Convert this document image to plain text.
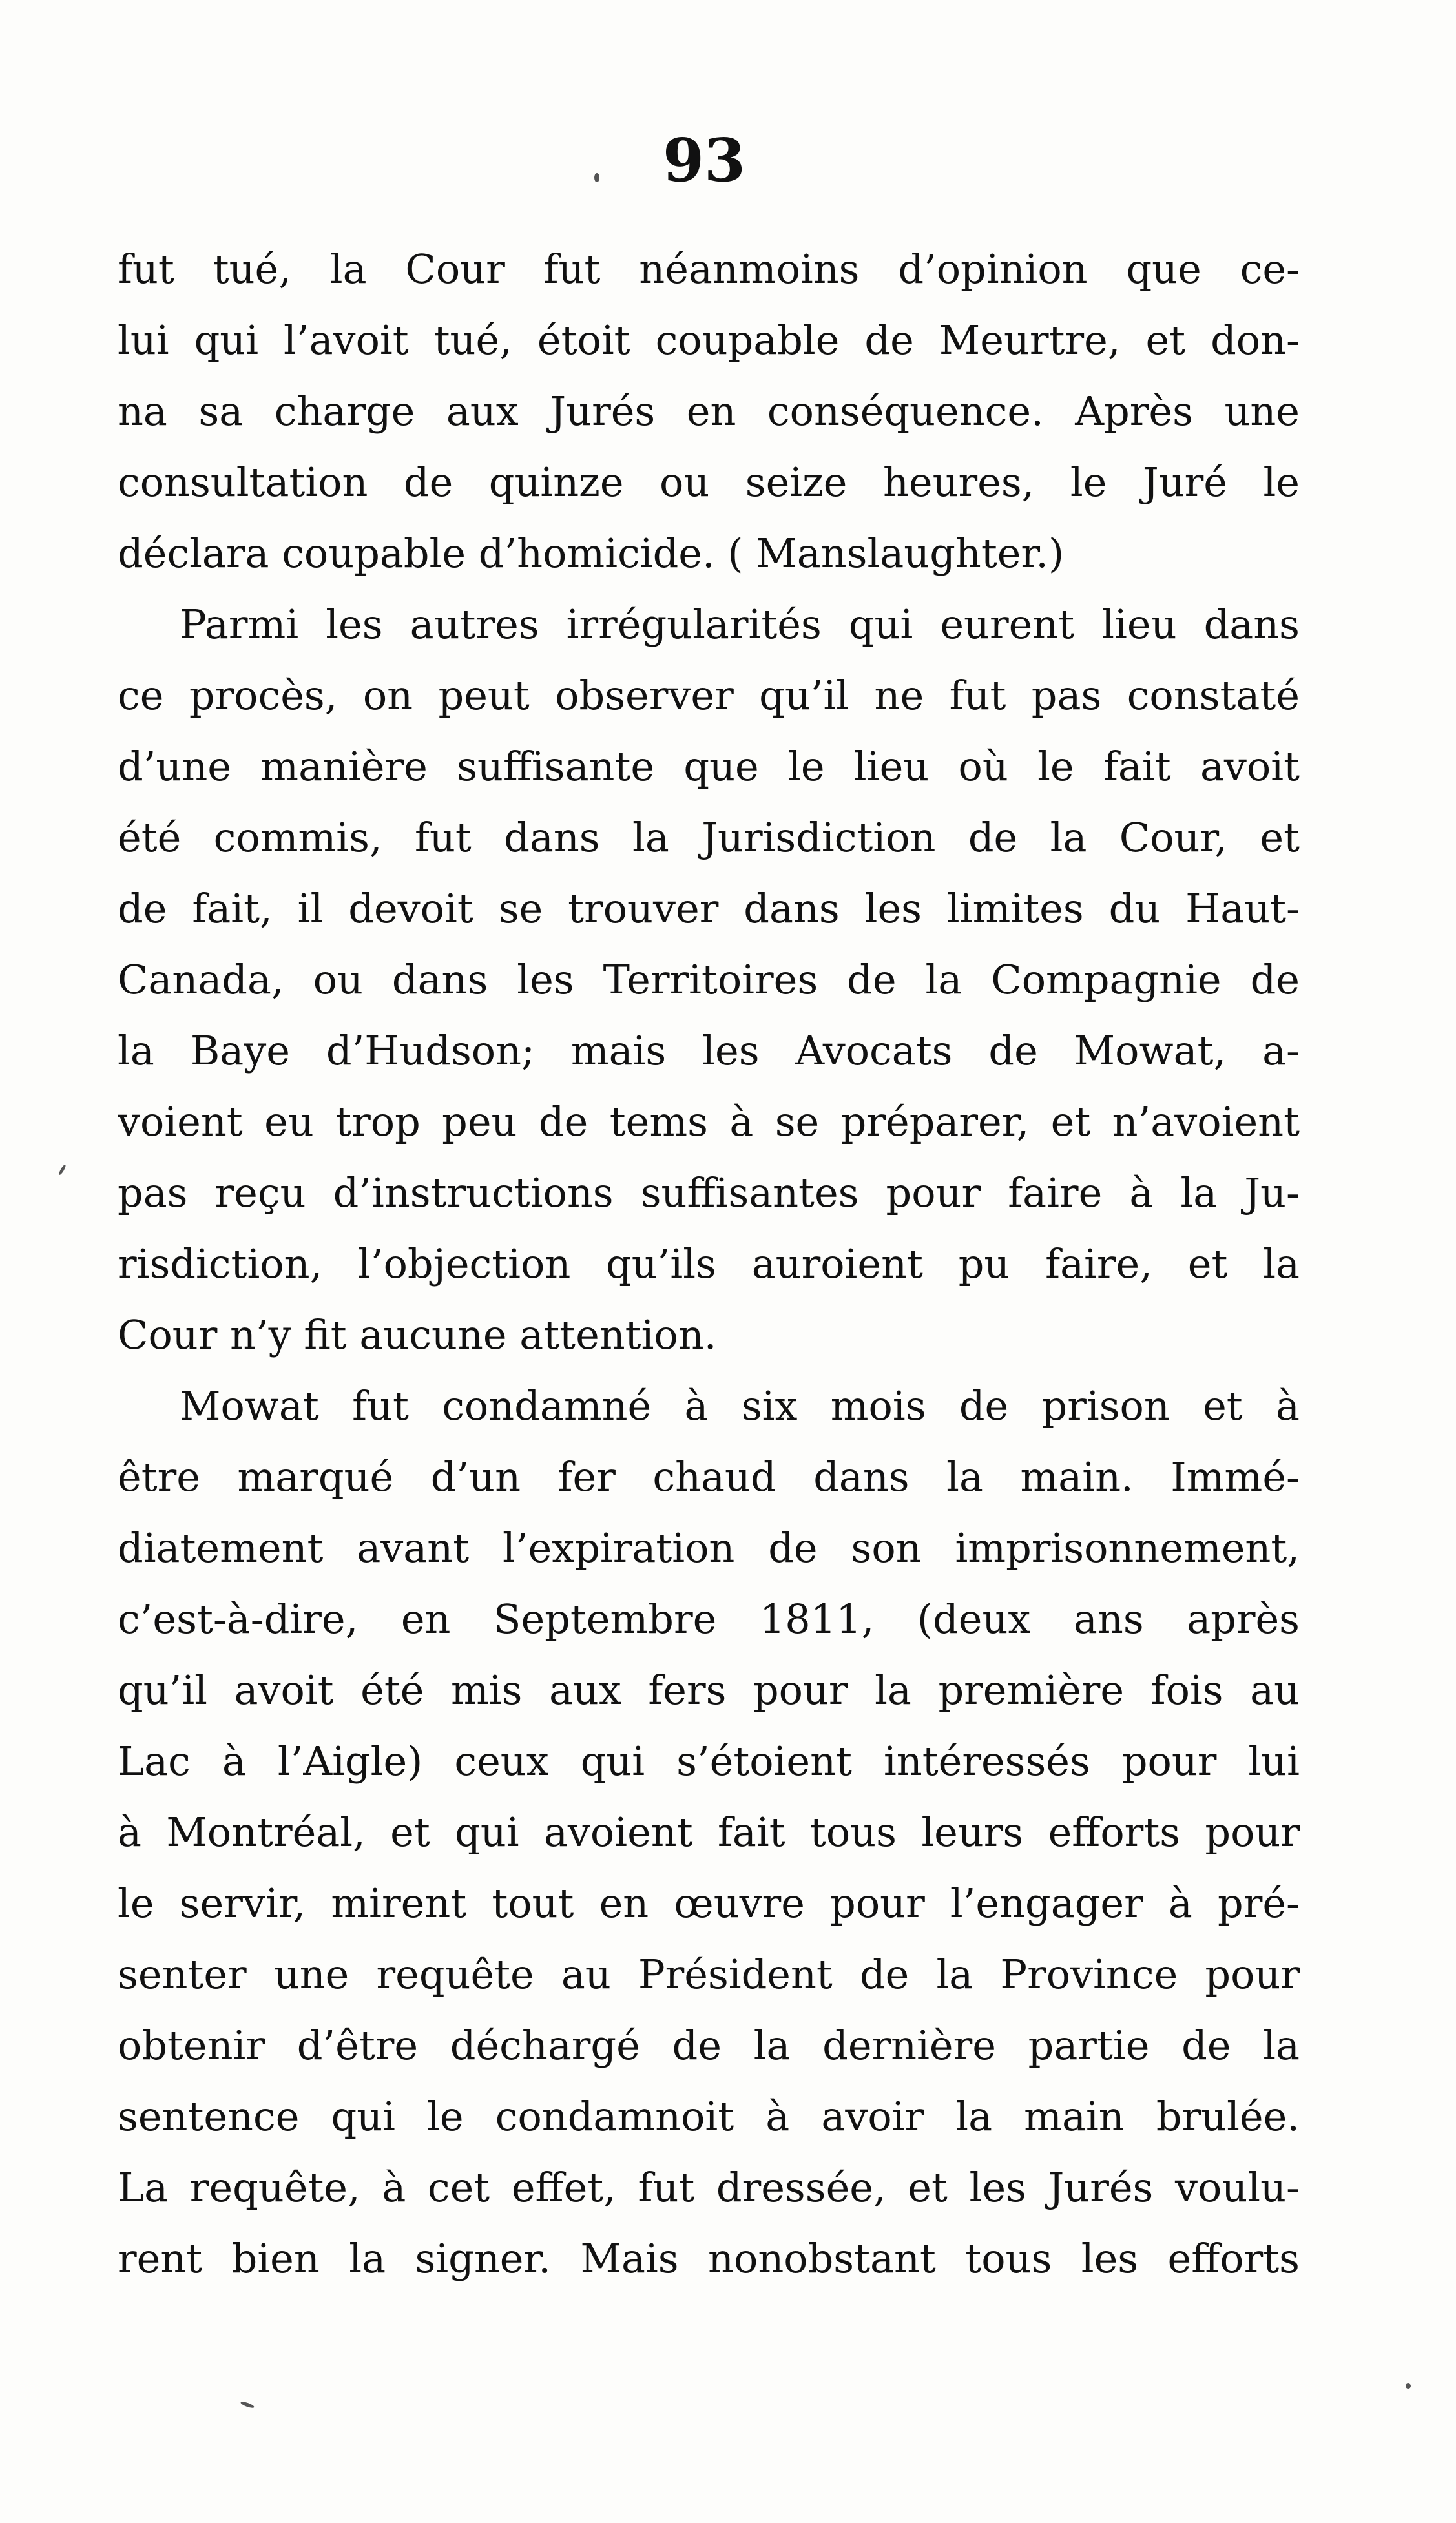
93
fut tué, la Cour fut néanmoins d’opinion que ce-
lui qui l’avoit tué, étoit coupable de Meurtre, et don-
na sa charge aux Jurés en conséquence. Après une
consultation de quinze ou seize heures, le Juré le
déclara coupable d’homicide. ( Manslaughter.)
Parmi les autres irrégularités qui eurent lieu dans
ce procès, on peut observer qu’il ne fut pas constaté
d’une manière suffisante que le lieu où le fait avoit
été commis, fut dans la Jurisdiction de la Cour, et
de fait, il devoit se trouver dans les limites du Haut-
Canada, ou dans les Territoires de la Compagnie de
la Baye d’Hudson; mais les Avocats de Mowat, a-
voient eu trop peu de tems à se préparer, et n’avoient
pas reçu d’instructions suffisantes pour faire à la Ju-
risdiction, l’objection qu’ils auroient pu faire, et la
Cour n’y fit aucune attention.
Mowat fut condamné à six mois de prison et à
être marqué d’un fer chaud dans la main. Immé-
diatement avant l’expiration de son imprisonnement,
c’est-à-dire, en Septembre 1811, (deux ans après
qu’il avoit été mis aux fers pour la première fois au
Lac à l’Aigle) ceux qui s’étoient intéressés pour lui
à Montréal, et qui avoient fait tous leurs efforts pour
le servir, mirent tout en œuvre pour l’engager à pré-
senter une requête au Président de la Province pour
obtenir d’être déchargé de la dernière partie de la
sentence qui le condamnoit à avoir la main brulée.
La requête, à cet effet, fut dressée, et les Jurés voulu-
rent bien la signer. Mais nonobstant tous les efforts
